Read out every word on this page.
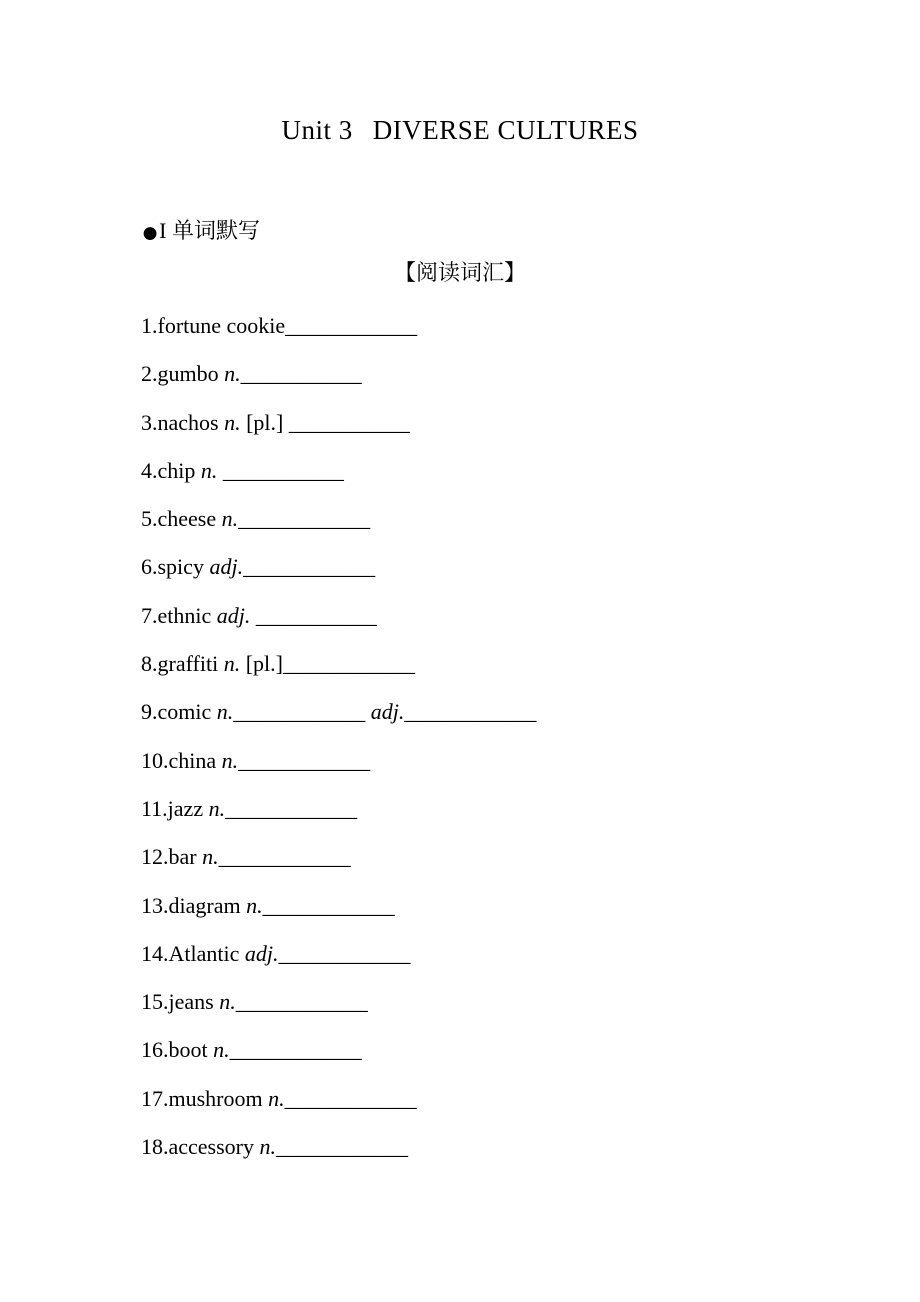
Unit 3 DIVERSE CULTURES
●I 单词默写
【阅读词汇】
1.fortune cookie____________
2.gumbo n.___________
3.nachos n. [pl.] ___________
4.chip n. ___________
5.cheese n.____________
6.spicy adj.____________
7.ethnic adj. ___________
8.graffiti n. [pl.]____________
9.comic n.____________ adj.____________
10.china n.____________
11.jazz n.____________
12.bar n.____________
13.diagram n.____________
14.Atlantic adj.____________
15.jeans n.____________
16.boot n.____________
17.mushroom n.____________
18.accessory n.____________
